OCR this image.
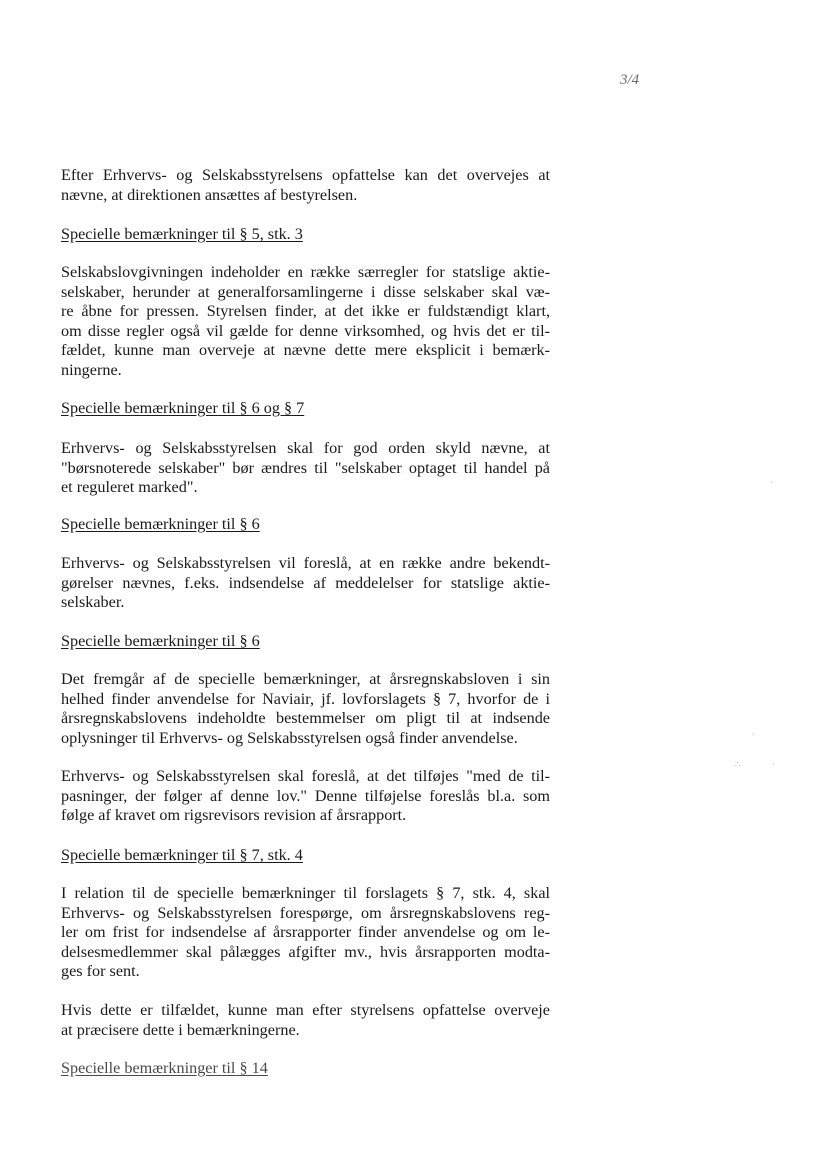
3/4
Efter Erhvervs- og Selskabsstyrelsens opfattelse kan det overvejes at
nævne, at direktionen ansættes af bestyrelsen.
Specielle bemærkninger til § 5, stk. 3
Selskabslovgivningen indeholder en række særregler for statslige aktie-
selskaber, herunder at generalforsamlingerne i disse selskaber skal væ-
re åbne for pressen. Styrelsen finder, at det ikke er fuldstændigt klart,
om disse regler også vil gælde for denne virksomhed, og hvis det er til-
fældet, kunne man overveje at nævne dette mere eksplicit i bemærk-
ningerne.
Specielle bemærkninger til § 6 og § 7
Erhvervs- og Selskabsstyrelsen skal for god orden skyld nævne, at
"børsnoterede selskaber" bør ændres til "selskaber optaget til handel på
et reguleret marked".
Specielle bemærkninger til § 6
Erhvervs- og Selskabsstyrelsen vil foreslå, at en række andre bekendt-
gørelser nævnes, f.eks. indsendelse af meddelelser for statslige aktie-
selskaber.
Specielle bemærkninger til § 6
Det fremgår af de specielle bemærkninger, at årsregnskabsloven i sin
helhed finder anvendelse for Naviair, jf. lovforslagets § 7, hvorfor de i
årsregnskabslovens indeholdte bestemmelser om pligt til at indsende
oplysninger til Erhvervs- og Selskabsstyrelsen også finder anvendelse.
Erhvervs- og Selskabsstyrelsen skal foreslå, at det tilføjes "med de til-
pasninger, der følger af denne lov." Denne tilføjelse foreslås bl.a. som
følge af kravet om rigsrevisors revision af årsrapport.
Specielle bemærkninger til § 7, stk. 4
I relation til de specielle bemærkninger til forslagets § 7, stk. 4, skal
Erhvervs- og Selskabsstyrelsen forespørge, om årsregnskabslovens reg-
ler om frist for indsendelse af årsrapporter finder anvendelse og om le-
delsesmedlemmer skal pålægges afgifter mv., hvis årsrapporten modta-
ges for sent.
Hvis dette er tilfældet, kunne man efter styrelsens opfattelse overveje
at præcisere dette i bemærkningerne.
Specielle bemærkninger til § 14
·
·
∴	·
